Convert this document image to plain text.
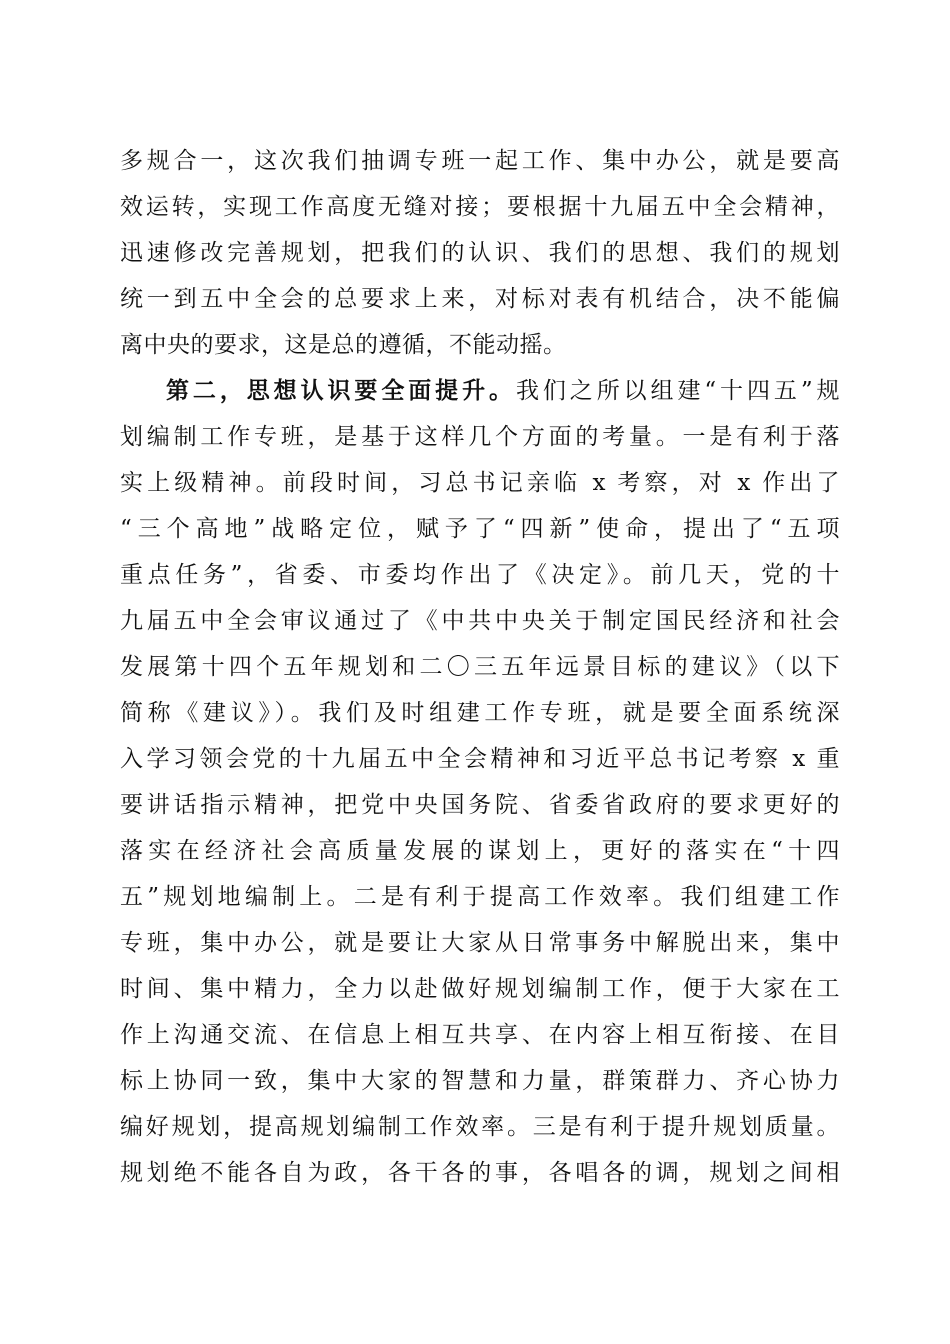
多规合一，这次我们抽调专班一起工作、集中办公，就是要高
效运转，实现工作高度无缝对接；要根据十九届五中全会精神，
迅速修改完善规划，把我们的认识、我们的思想、我们的规划
统一到五中全会的总要求上来，对标对表有机结合，决不能偏
离中央的要求，这是总的遵循，不能动摇。
第二，思想认识要全面提升。我们之所以组建“十四五”规
划编制工作专班，是基于这样几个方面的考量。一是有利于落
实上级精神。前段时间，习总书记亲临 x 考察，对 x 作出了
“三个高地”战略定位，赋予了“四新”使命，提出了“五项
重点任务”，省委、市委均作出了《决定》。前几天，党的十
九届五中全会审议通过了《中共中央关于制定国民经济和社会
发展第十四个五年规划和二〇三五年远景目标的建议》（以下
简称《建议》）。我们及时组建工作专班，就是要全面系统深
入学习领会党的十九届五中全会精神和习近平总书记考察 x 重
要讲话指示精神，把党中央国务院、省委省政府的要求更好的
落实在经济社会高质量发展的谋划上，更好的落实在“十四
五”规划地编制上。二是有利于提高工作效率。我们组建工作
专班，集中办公，就是要让大家从日常事务中解脱出来，集中
时间、集中精力，全力以赴做好规划编制工作，便于大家在工
作上沟通交流、在信息上相互共享、在内容上相互衔接、在目
标上协同一致，集中大家的智慧和力量，群策群力、齐心协力
编好规划，提高规划编制工作效率。三是有利于提升规划质量。
规划绝不能各自为政，各干各的事，各唱各的调，规划之间相
